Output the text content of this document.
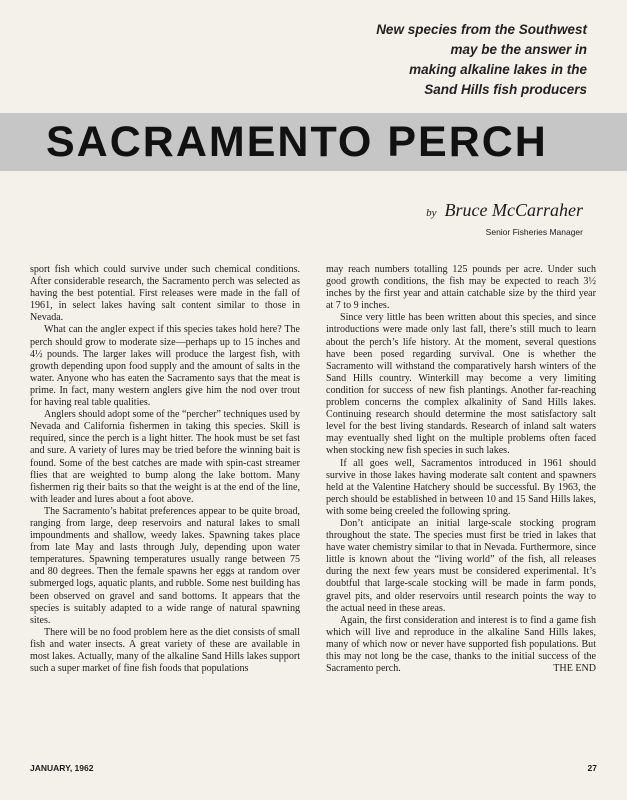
New species from the Southwest
may be the answer in
making alkaline lakes in the
Sand Hills fish producers
SACRAMENTO PERCH
by Bruce McCarraher
Senior Fisheries Manager

sport fish which could survive under such chemical conditions. After considerable research, the Sacramento perch was selected as having the best potential. First releases were made in the fall of 1961, in select lakes having salt content similar to those in Nevada.

What can the angler expect if this species takes hold here? The perch should grow to moderate size—perhaps up to 15 inches and 4½ pounds. The larger lakes will produce the largest fish, with growth depending upon food supply and the amount of salts in the water. Anyone who has eaten the Sacramento says that the meat is prime. In fact, many western anglers give him the nod over trout for having real table qualities.

Anglers should adopt some of the “percher” techniques used by Nevada and California fishermen in taking this species. Skill is required, since the perch is a light hitter. The hook must be set fast and sure. A variety of lures may be tried before the winning bait is found. Some of the best catches are made with spin-cast streamer flies that are weighted to bump along the lake bottom. Many fishermen rig their baits so that the weight is at the end of the line, with leader and lures about a foot above.

The Sacramento’s habitat preferences appear to be quite broad, ranging from large, deep reservoirs and natural lakes to small impoundments and shallow, weedy lakes. Spawning takes place from late May and lasts through July, depending upon water temperatures. Spawning temperatures usually range between 75 and 80 degrees. Then the female spawns her eggs at random over submerged logs, aquatic plants, and rubble. Some nest building has been observed on gravel and sand bottoms. It appears that the species is suitably adapted to a wide range of natural spawning sites.

There will be no food problem here as the diet consists of small fish and water insects. A great variety of these are available in most lakes. Actually, many of the alkaline Sand Hills lakes support such a super market of fine fish foods that populations

may reach numbers totalling 125 pounds per acre. Under such good growth conditions, the fish may be expected to reach 3½ inches by the first year and attain catchable size by the third year at 7 to 9 inches.

Since very little has been written about this species, and since introductions were made only last fall, there’s still much to learn about the perch’s life history. At the moment, several questions have been posed regarding survival. One is whether the Sacramento will withstand the comparatively harsh winters of the Sand Hills country. Winterkill may become a very limiting condition for success of new fish plantings. Another far-reaching problem concerns the complex alkalinity of Sand Hills lakes. Continuing research should determine the most satisfactory salt level for the best living standards. Research of inland salt waters may eventually shed light on the multiple problems often faced when stocking new fish species in such lakes.

If all goes well, Sacramentos introduced in 1961 should survive in those lakes having moderate salt content and spawners held at the Valentine Hatchery should be successful. By 1963, the perch should be established in between 10 and 15 Sand Hills lakes, with some being creeled the following spring.

Don’t anticipate an initial large-scale stocking program throughout the state. The species must first be tried in lakes that have water chemistry similar to that in Nevada. Furthermore, since little is known about the “living world” of the fish, all releases during the next few years must be considered experimental. It’s doubtful that large-scale stocking will be made in farm ponds, gravel pits, and older reservoirs until research points the way to the actual need in these areas.

Again, the first consideration and interest is to find a game fish which will live and reproduce in the alkaline Sand Hills lakes, many of which now or never have supported fish populations. But this may not long be the case, thanks to the initial success of the Sacramento perch.	THE END

JANUARY, 1962	27
